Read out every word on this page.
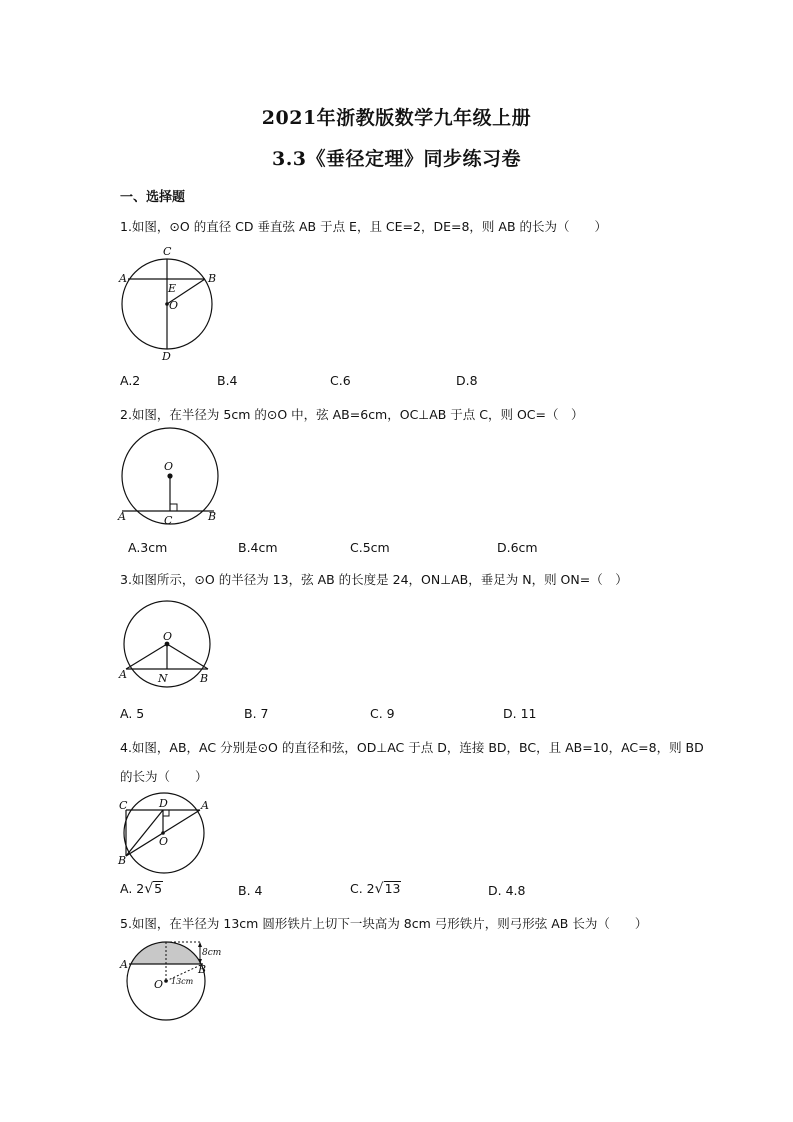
2021年浙教版数学九年级上册
3.3《垂径定理》同步练习卷
一、选择题
1.如图，⊙O 的直径 CD 垂直弦 AB 于点 E，且 CE=2，DE=8，则 AB 的长为（　　）
C
A	B
E
O
D
A.2	B.4	C.6	D.8
2.如图，在半径为 5cm 的⊙O 中，弦 AB=6cm，OC⊥AB 于点 C，则 OC=（　）
O
A	C	B
A.3cm	B.4cm	C.5cm	D.6cm
3.如图所示，⊙O 的半径为 13，弦 AB 的长度是 24，ON⊥AB，垂足为 N，则 ON=（　）
O
A	N	B
A. 5	B. 7	C. 9	D. 11
4.如图，AB，AC 分别是⊙O 的直径和弦，OD⊥AC 于点 D，连接 BD，BC，且 AB=10，AC=8，则 BD
的长为（　　）
C	D	A
O
B
A. 2 √ 5	B. 4	C. 2 √ 13	D. 4.8
5.如图，在半径为 13cm 圆形铁片上切下一块高为 8cm 弓形铁片，则弓形弦 AB 长为（　　）
A	B
O
8cm
13cm
